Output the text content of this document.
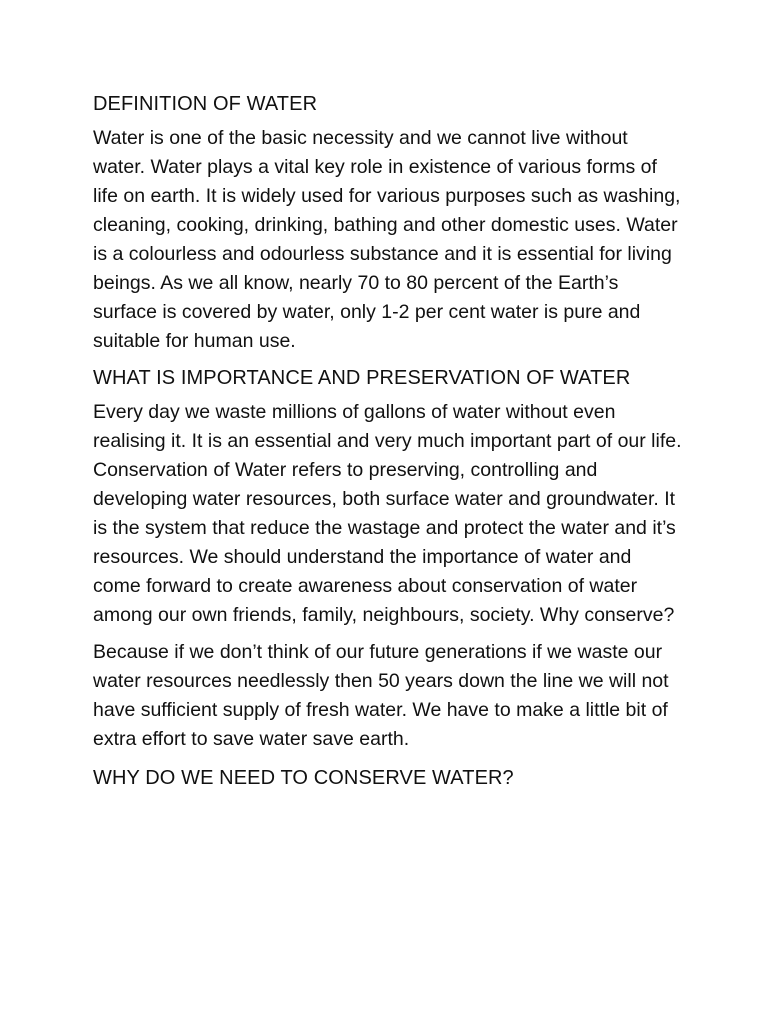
DEFINITION OF WATER

Water is one of the basic necessity and we cannot live without water. Water plays a vital key role in existence of various forms of life on earth. It is widely used for various purposes such as washing, cleaning, cooking, drinking, bathing and other domestic uses. Water is a colourless and odourless substance and it is essential for living beings. As we all know, nearly 70 to 80 percent of the Earth’s surface is covered by water, only 1-2 per cent water is pure and suitable for human use.

WHAT IS IMPORTANCE AND PRESERVATION OF WATER

Every day we waste millions of gallons of water without even realising it. It is an essential and very much important part of our life. Conservation of Water refers to preserving, controlling and developing water resources, both surface water and groundwater. It is the system that reduce the wastage and protect the water and it’s resources. We should understand the importance of water and come forward to create awareness about conservation of water among our own friends, family, neighbours, society. Why conserve?

Because if we don’t think of our future generations if we waste our water resources needlessly then 50 years down the line we will not have sufficient supply of fresh water. We have to make a little bit of extra effort to save water save earth.

WHY DO WE NEED TO CONSERVE WATER?
